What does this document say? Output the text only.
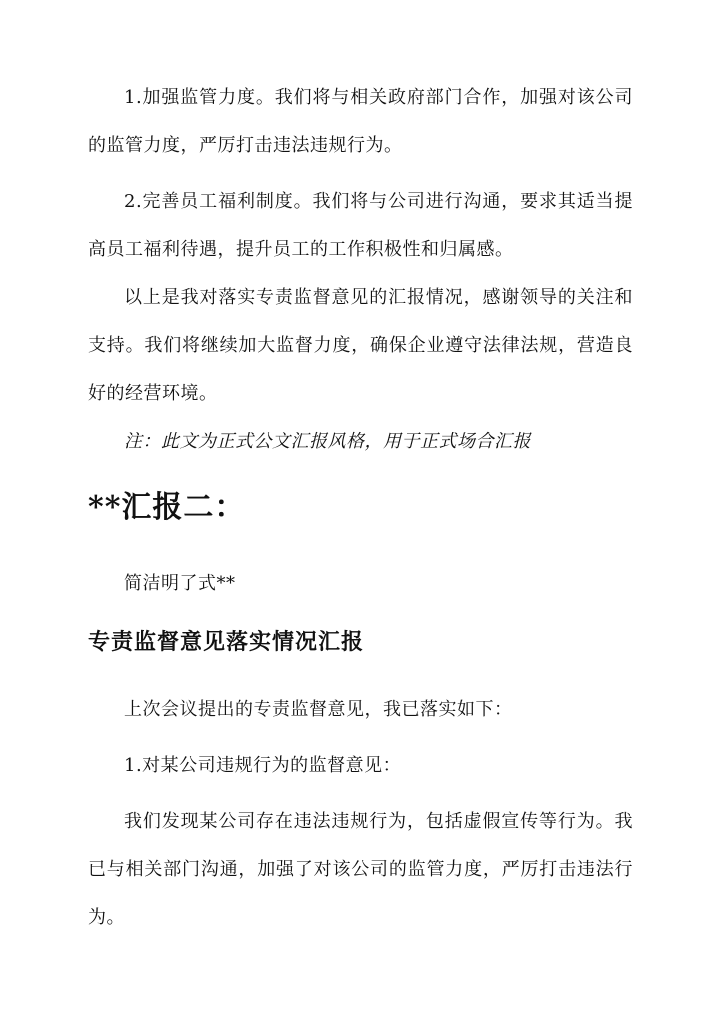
1.加强监管力度。我们将与相关政府部门合作，加强对该公司的监管力度，严厉打击违法违规行为。

2.完善员工福利制度。我们将与公司进行沟通，要求其适当提高员工福利待遇，提升员工的工作积极性和归属感。

以上是我对落实专责监督意见的汇报情况，感谢领导的关注和支持。我们将继续加大监督力度，确保企业遵守法律法规，营造良好的经营环境。

注：此文为正式公文汇报风格，用于正式场合汇报

**汇报二：

简洁明了式**

专责监督意见落实情况汇报

上次会议提出的专责监督意见，我已落实如下：

1.对某公司违规行为的监督意见：

我们发现某公司存在违法违规行为，包括虚假宣传等行为。我已与相关部门沟通，加强了对该公司的监管力度，严厉打击违法行为。
